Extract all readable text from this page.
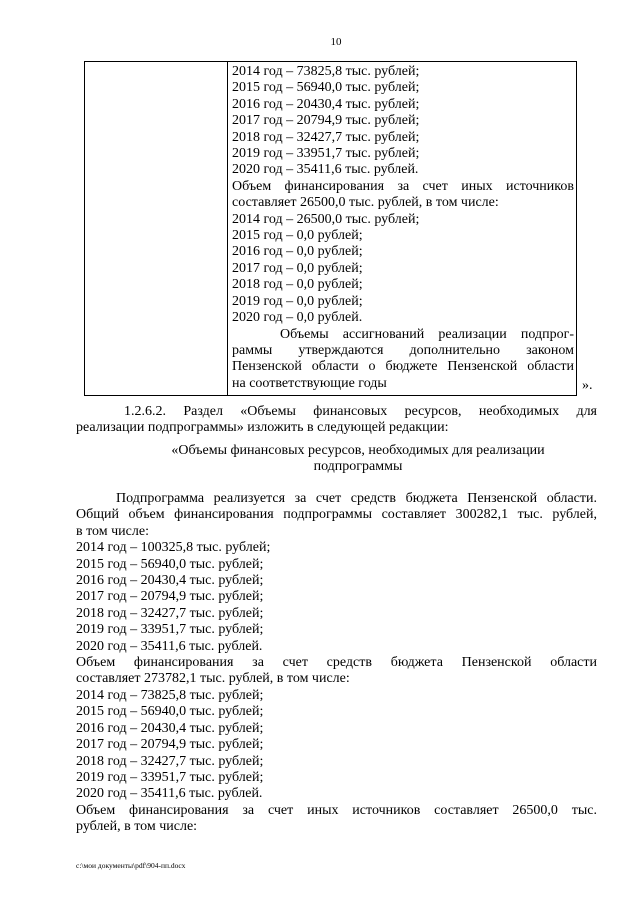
10
2014 год – 73825,8 тыс. рублей;
2015 год – 56940,0 тыс. рублей;
2016 год – 20430,4 тыс. рублей;
2017 год – 20794,9 тыс. рублей;
2018 год – 32427,7 тыс. рублей;
2019 год – 33951,7 тыс. рублей;
2020 год – 35411,6 тыс. рублей.
Объем финансирования за счет иных источников
составляет 26500,0 тыс. рублей, в том числе:
2014 год – 26500,0 тыс. рублей;
2015 год – 0,0 рублей;
2016 год – 0,0 рублей;
2017 год – 0,0 рублей;
2018 год – 0,0 рублей;
2019 год – 0,0 рублей;
2020 год – 0,0 рублей.
Объемы ассигнований реализации подпрог-
раммы утверждаются дополнительно законом
Пензенской области о бюджете Пензенской области
на соответствующие годы	».
1.2.6.2. Раздел «Объемы финансовых ресурсов, необходимых для
реализации подпрограммы» изложить в следующей редакции:
«Объемы финансовых ресурсов, необходимых для реализации
подпрограммы
Подпрограмма реализуется за счет средств бюджета Пензенской области.
Общий объем финансирования подпрограммы составляет 300282,1 тыс. рублей,
в том числе:
2014 год – 100325,8 тыс. рублей;
2015 год – 56940,0 тыс. рублей;
2016 год – 20430,4 тыс. рублей;
2017 год – 20794,9 тыс. рублей;
2018 год – 32427,7 тыс. рублей;
2019 год – 33951,7 тыс. рублей;
2020 год – 35411,6 тыс. рублей.
Объем финансирования за счет средств бюджета Пензенской области
составляет 273782,1 тыс. рублей, в том числе:
2014 год – 73825,8 тыс. рублей;
2015 год – 56940,0 тыс. рублей;
2016 год – 20430,4 тыс. рублей;
2017 год – 20794,9 тыс. рублей;
2018 год – 32427,7 тыс. рублей;
2019 год – 33951,7 тыс. рублей;
2020 год – 35411,6 тыс. рублей.
Объем финансирования за счет иных источников составляет 26500,0 тыс.
рублей, в том числе:
c:\мои документы\pdf\904-пп.docx
